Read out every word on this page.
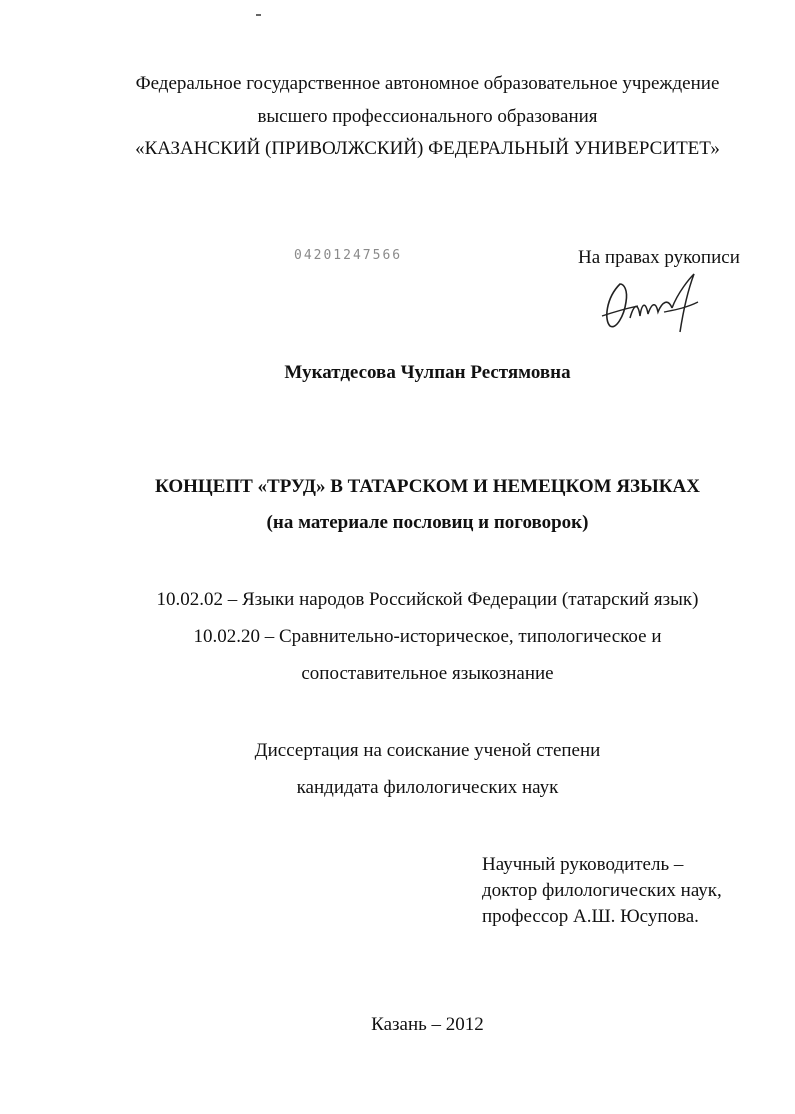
Федеральное государственное автономное образовательное учреждение
высшего профессионального образования
«КАЗАНСКИЙ (ПРИВОЛЖСКИЙ) ФЕДЕРАЛЬНЫЙ УНИВЕРСИТЕТ»
04201247566	На правах рукописи
Мукатдесова Чулпан Рестямовна
КОНЦЕПТ «ТРУД» В ТАТАРСКОМ И НЕМЕЦКОМ ЯЗЫКАХ
(на материале пословиц и поговорок)
10.02.02 – Языки народов Российской Федерации (татарский язык)
10.02.20 – Сравнительно-историческое, типологическое и
сопоставительное языкознание
Диссертация на соискание ученой степени
кандидата филологических наук
Научный руководитель –
доктор филологических наук,
профессор А.Ш. Юсупова.
Казань – 2012
